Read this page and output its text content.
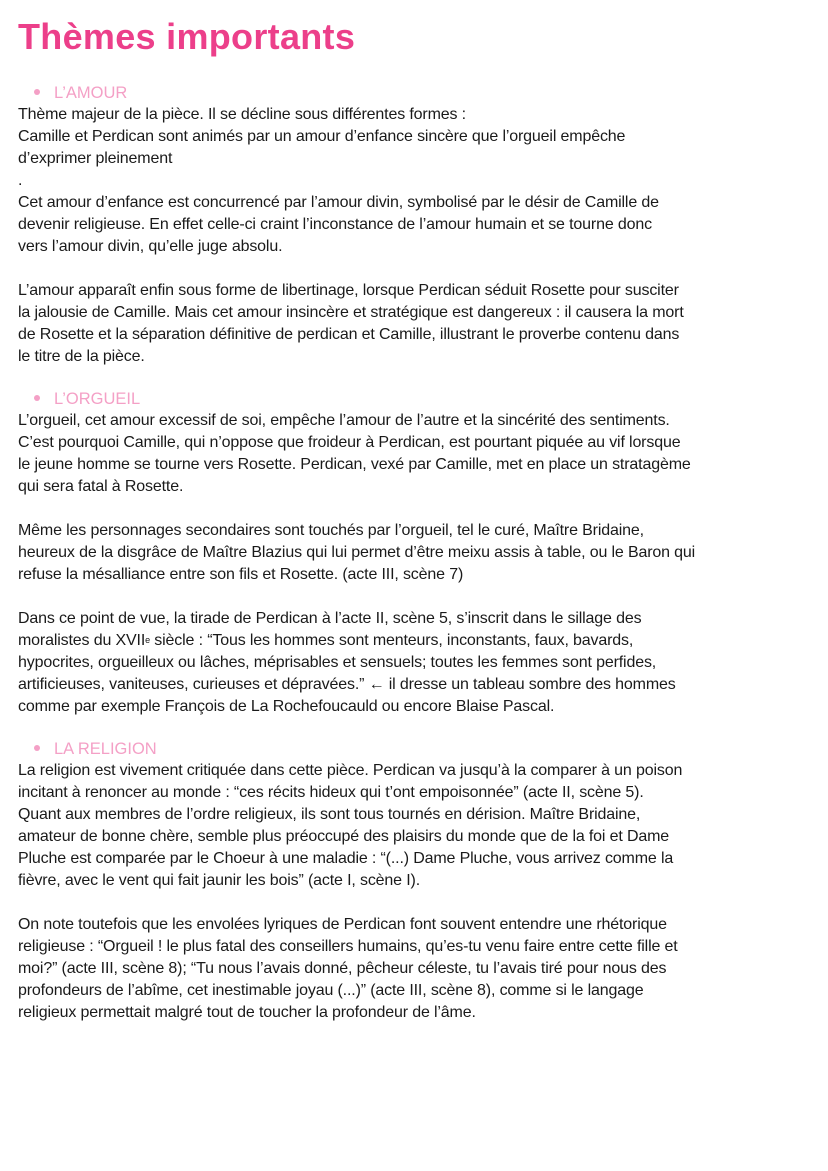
Thèmes importants
L’AMOUR
Thème majeur de la pièce. Il se décline sous différentes formes :
Camille et Perdican sont animés par un amour d’enfance sincère que l’orgueil empêche
d’exprimer pleinement
.
Cet amour d’enfance est concurrencé par l’amour divin, symbolisé par le désir de Camille de
devenir religieuse. En effet celle-ci craint l’inconstance de l’amour humain et se tourne donc
vers l’amour divin, qu’elle juge absolu.
L’amour apparaît enfin sous forme de libertinage, lorsque Perdican séduit Rosette pour susciter
la jalousie de Camille. Mais cet amour insincère et stratégique est dangereux : il causera la mort
de Rosette et la séparation définitive de perdican et Camille, illustrant le proverbe contenu dans
le titre de la pièce.
L’ORGUEIL
L’orgueil, cet amour excessif de soi, empêche l’amour de l’autre et la sincérité des sentiments.
C’est pourquoi Camille, qui n’oppose que froideur à Perdican, est pourtant piquée au vif lorsque
le jeune homme se tourne vers Rosette. Perdican, vexé par Camille, met en place un stratagème
qui sera fatal à Rosette.
Même les personnages secondaires sont touchés par l’orgueil, tel le curé, Maître Bridaine,
heureux de la disgrâce de Maître Blazius qui lui permet d’être meixu assis à table, ou le Baron qui
refuse la mésalliance entre son fils et Rosette. (acte III, scène 7)
Dans ce point de vue, la tirade de Perdican à l’acte II, scène 5, s’inscrit dans le sillage des
moralistes du XVIIe siècle : “Tous les hommes sont menteurs, inconstants, faux, bavards,
hypocrites, orgueilleux ou lâches, méprisables et sensuels; toutes les femmes sont perfides,
artificieuses, vaniteuses, curieuses et dépravées.” ← il dresse un tableau sombre des hommes
comme par exemple François de La Rochefoucauld ou encore Blaise Pascal.
LA RELIGION
La religion est vivement critiquée dans cette pièce. Perdican va jusqu’à la comparer à un poison
incitant à renoncer au monde : “ces récits hideux qui t’ont empoisonnée” (acte II, scène 5).
Quant aux membres de l’ordre religieux, ils sont tous tournés en dérision. Maître Bridaine,
amateur de bonne chère, semble plus préoccupé des plaisirs du monde que de la foi et Dame
Pluche est comparée par le Choeur à une maladie : “(...) Dame Pluche, vous arrivez comme la
fièvre, avec le vent qui fait jaunir les bois” (acte I, scène I).
On note toutefois que les envolées lyriques de Perdican font souvent entendre une rhétorique
religieuse : “Orgueil ! le plus fatal des conseillers humains, qu’es-tu venu faire entre cette fille et
moi?” (acte III, scène 8); “Tu nous l’avais donné, pêcheur céleste, tu l’avais tiré pour nous des
profondeurs de l’abîme, cet inestimable joyau (...)” (acte III, scène 8), comme si le langage
religieux permettait malgré tout de toucher la profondeur de l’âme.
